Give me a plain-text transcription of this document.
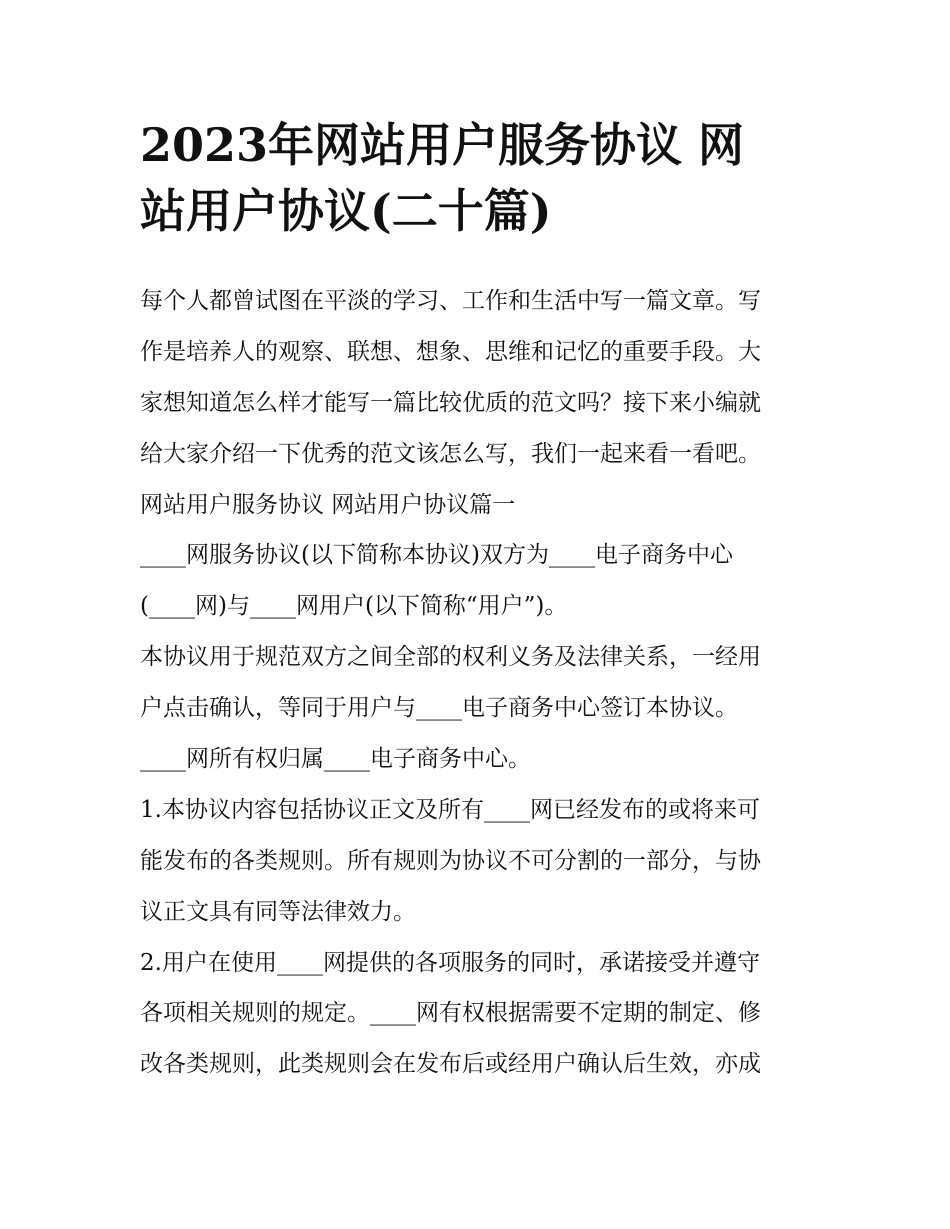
2023年网站用户服务协议 网
站用户协议(二十篇)
每个人都曾试图在平淡的学习、工作和生活中写一篇文章。写
作是培养人的观察、联想、想象、思维和记忆的重要手段。大
家想知道怎么样才能写一篇比较优质的范文吗？接下来小编就
给大家介绍一下优秀的范文该怎么写，我们一起来看一看吧。
网站用户服务协议 网站用户协议篇一
____网服务协议(以下简称本协议)双方为____电子商务中心
(____网)与____网用户(以下简称“用户”)。
本协议用于规范双方之间全部的权利义务及法律关系，一经用
户点击确认，等同于用户与____电子商务中心签订本协议。
____网所有权归属____电子商务中心。
1.本协议内容包括协议正文及所有____网已经发布的或将来可
能发布的各类规则。所有规则为协议不可分割的一部分，与协
议正文具有同等法律效力。
2.用户在使用____网提供的各项服务的同时，承诺接受并遵守
各项相关规则的规定。____网有权根据需要不定期的制定、修
改各类规则，此类规则会在发布后或经用户确认后生效，亦成
